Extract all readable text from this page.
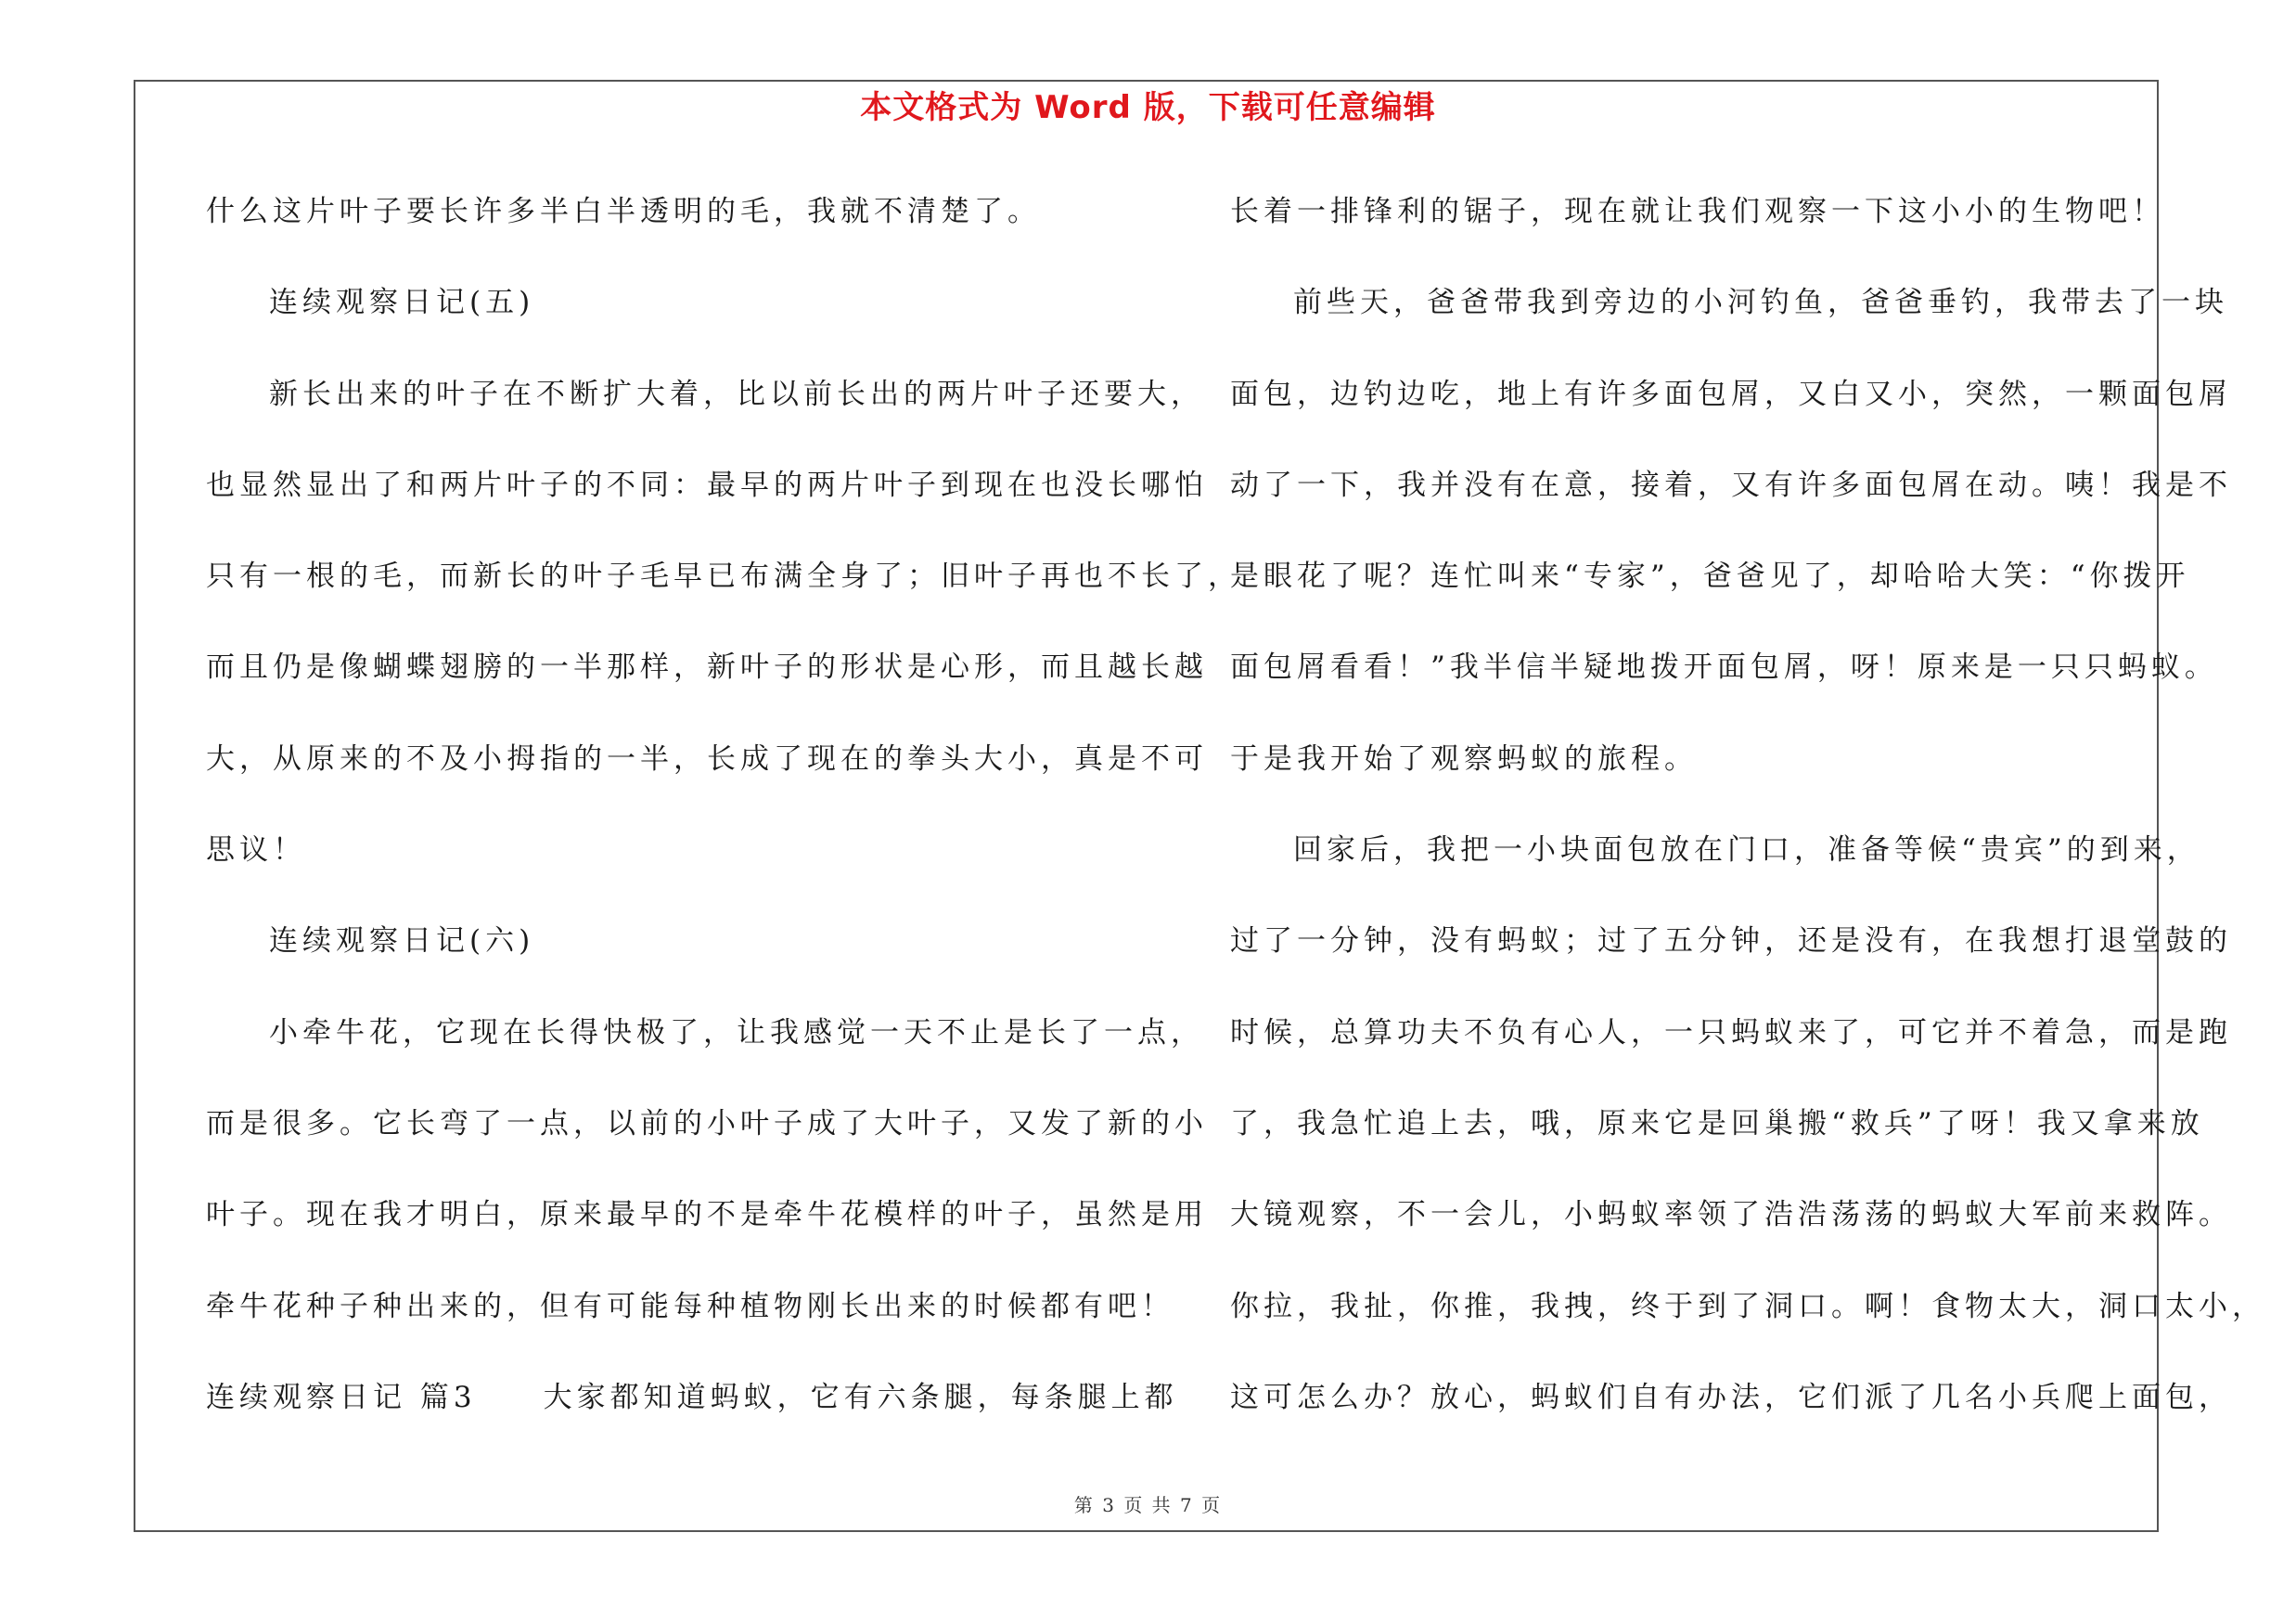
本文格式为 Word 版，下载可任意编辑
什么这片叶子要长许多半白半透明的毛，我就不清楚了。
连续观察日记(五)
新长出来的叶子在不断扩大着，比以前长出的两片叶子还要大，
也显然显出了和两片叶子的不同：最早的两片叶子到现在也没长哪怕
只有一根的毛，而新长的叶子毛早已布满全身了；旧叶子再也不长了，
而且仍是像蝴蝶翅膀的一半那样，新叶子的形状是心形，而且越长越
大，从原来的不及小拇指的一半，长成了现在的拳头大小，真是不可
思议！
连续观察日记(六)
小牵牛花，它现在长得快极了，让我感觉一天不止是长了一点，
而是很多。它长弯了一点，以前的小叶子成了大叶子，又发了新的小
叶子。现在我才明白，原来最早的不是牵牛花模样的叶子，虽然是用
牵牛花种子种出来的，但有可能每种植物刚长出来的时候都有吧！
连续观察日记 篇3　　大家都知道蚂蚁，它有六条腿，每条腿上都
长着一排锋利的锯子，现在就让我们观察一下这小小的生物吧！
前些天，爸爸带我到旁边的小河钓鱼，爸爸垂钓，我带去了一块
面包，边钓边吃，地上有许多面包屑，又白又小，突然，一颗面包屑
动了一下，我并没有在意，接着，又有许多面包屑在动。咦！我是不
是眼花了呢？连忙叫来“专家”，爸爸见了，却哈哈大笑：“你拨开
面包屑看看！”我半信半疑地拨开面包屑，呀！原来是一只只蚂蚁。
于是我开始了观察蚂蚁的旅程。
回家后，我把一小块面包放在门口，准备等候“贵宾”的到来，
过了一分钟，没有蚂蚁；过了五分钟，还是没有，在我想打退堂鼓的
时候，总算功夫不负有心人，一只蚂蚁来了，可它并不着急，而是跑
了，我急忙追上去，哦，原来它是回巢搬“救兵”了呀！我又拿来放
大镜观察，不一会儿，小蚂蚁率领了浩浩荡荡的蚂蚁大军前来救阵。
你拉，我扯，你推，我拽，终于到了洞口。啊！食物太大，洞口太小，
这可怎么办？放心，蚂蚁们自有办法，它们派了几名小兵爬上面包，
第 3 页 共 7 页
